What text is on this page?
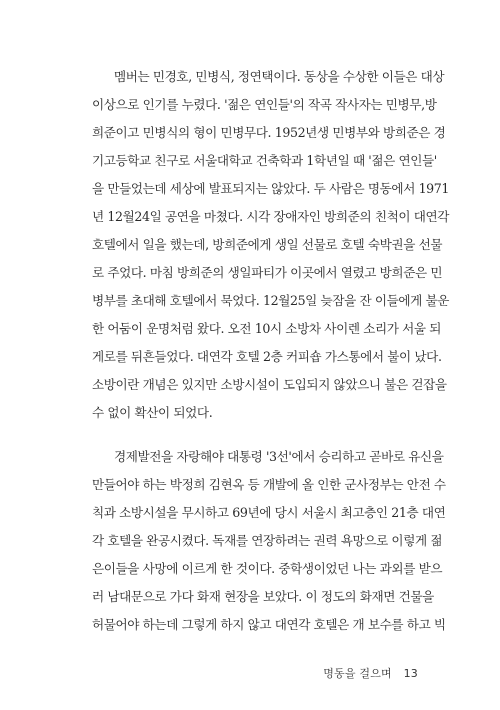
멤버는 민경호, 민병식, 정연택이다. 동상을 수상한 이들은 대상
이상으로 인기를 누렸다. '젊은 연인들'의 작곡 작사자는 민병무,방
희준이고 민병식의 형이 민병무다. 1952년생 민병부와 방희준은 경
기고등학교 친구로 서울대학교 건축학과 1학년일 때 '젊은 연인들'
을 만들었는데 세상에 발표되지는 않았다. 두 사람은 명동에서 1971
년 12월24일 공연을 마쳤다. 시각 장애자인 방희준의 친척이 대연각
호텔에서 일을 했는데, 방희준에게 생일 선물로 호텔 숙박권을 선물
로 주었다. 마침 방희준의 생일파티가 이곳에서 열렸고 방희준은 민
병부를 초대해 호텔에서 묵었다. 12월25일 늦잠을 잔 이들에게 불운
한 어둠이 운명처럼 왔다. 오전 10시 소방차 사이렌 소리가 서울 되
게로를 뒤흔들었다. 대연각 호텔 2층 커피숍 가스통에서 불이 났다.
소방이란 개념은 있지만 소방시설이 도입되지 않았으니 불은 걷잡을
수 없이 확산이 되었다.
경제발전을 자랑해야 대통령 '3선'에서 승리하고 곧바로 유신을
만들어야 하는 박정희 김현옥 등 개발에 올 인한 군사정부는 안전 수
칙과 소방시설을 무시하고 69년에 당시 서울시 최고층인 21층 대연
각 호텔을 완공시켰다. 독재를 연장하려는 권력 욕망으로 이렇게 젊
은이들을 사망에 이르게 한 것이다. 중학생이었던 나는 과외를 받으
러 남대문으로 가다 화재 현장을 보았다. 이 정도의 화재면 건물을
허물어야 하는데 그렇게 하지 않고 대연각 호텔은 개 보수를 하고 빅
명동을 걸으며 13
